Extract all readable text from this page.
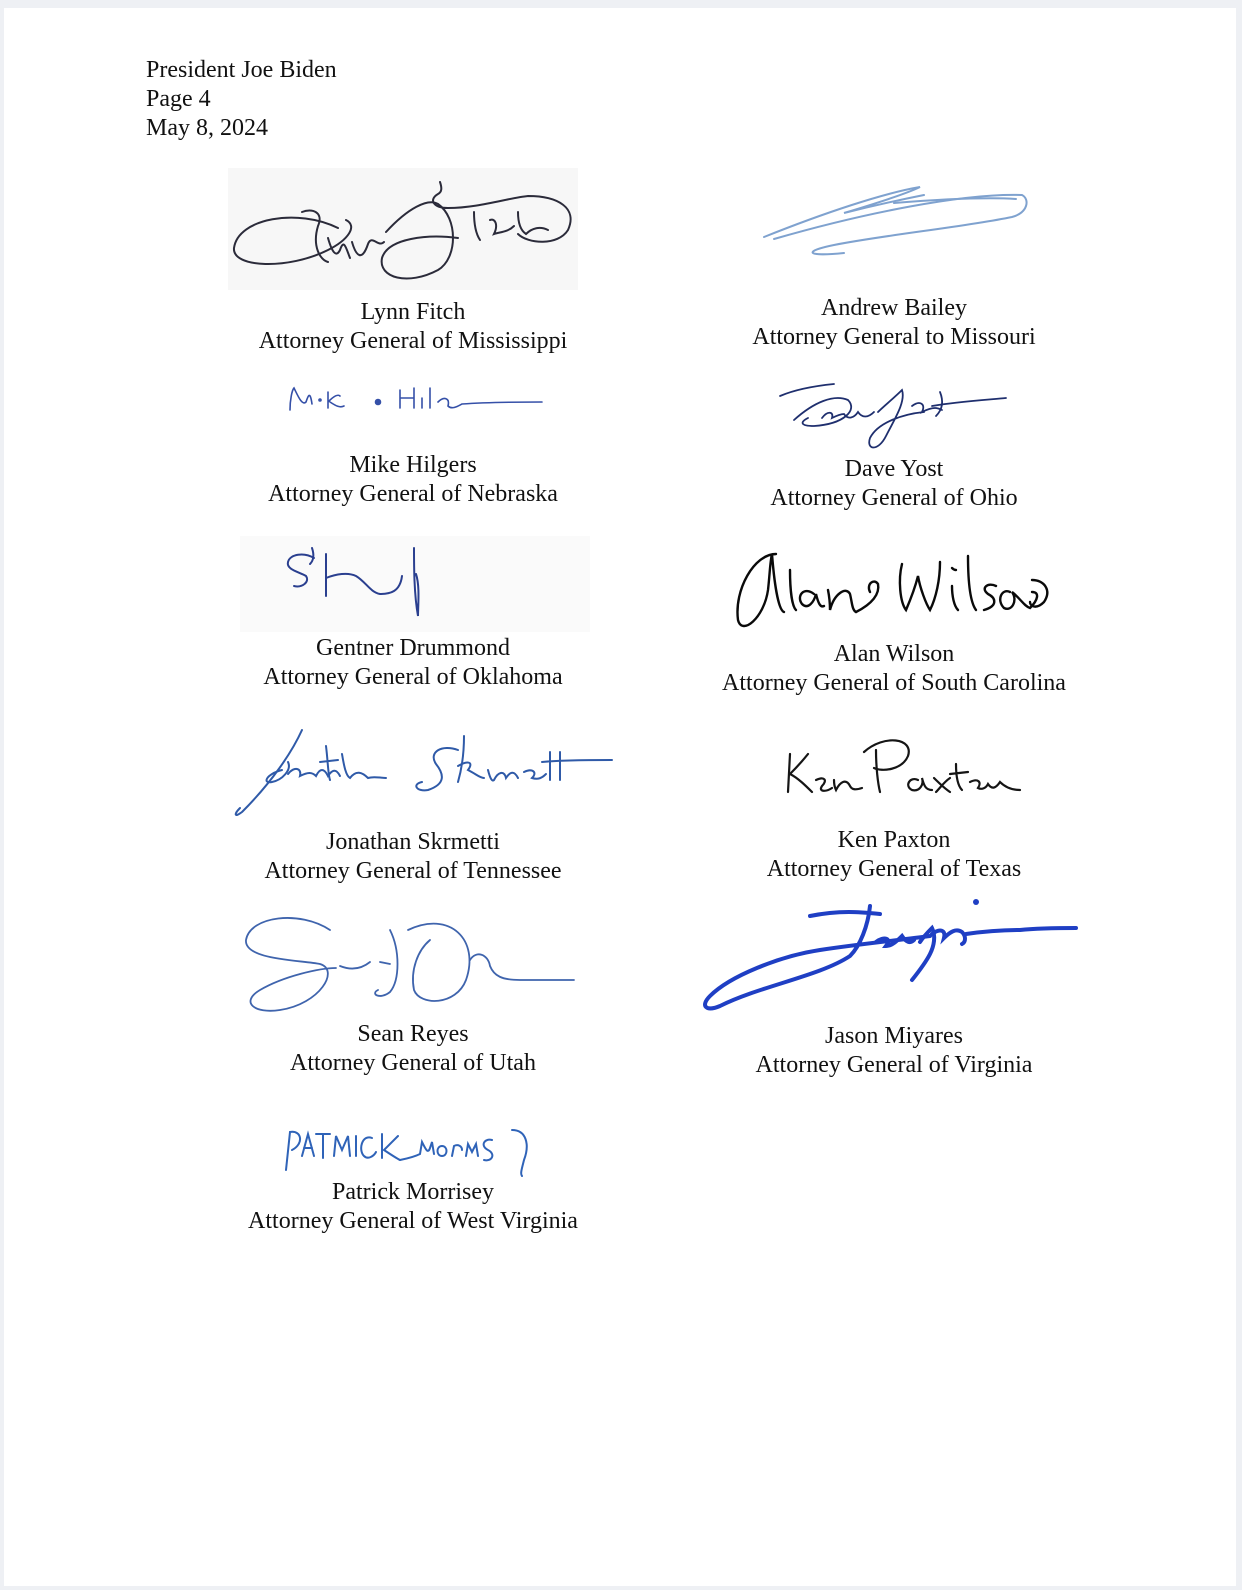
President Joe Biden
Page 4
May 8, 2024
Lynn Fitch
Attorney General of Mississippi
Andrew Bailey
Attorney General to Missouri
Mike Hilgers
Attorney General of Nebraska
Dave Yost
Attorney General of Ohio
Gentner Drummond
Attorney General of Oklahoma
Alan Wilson
Attorney General of South Carolina
Jonathan Skrmetti
Attorney General of Tennessee
Ken Paxton
Attorney General of Texas
Sean Reyes
Attorney General of Utah
Jason Miyares
Attorney General of Virginia
Patrick Morrisey
Attorney General of West Virginia
